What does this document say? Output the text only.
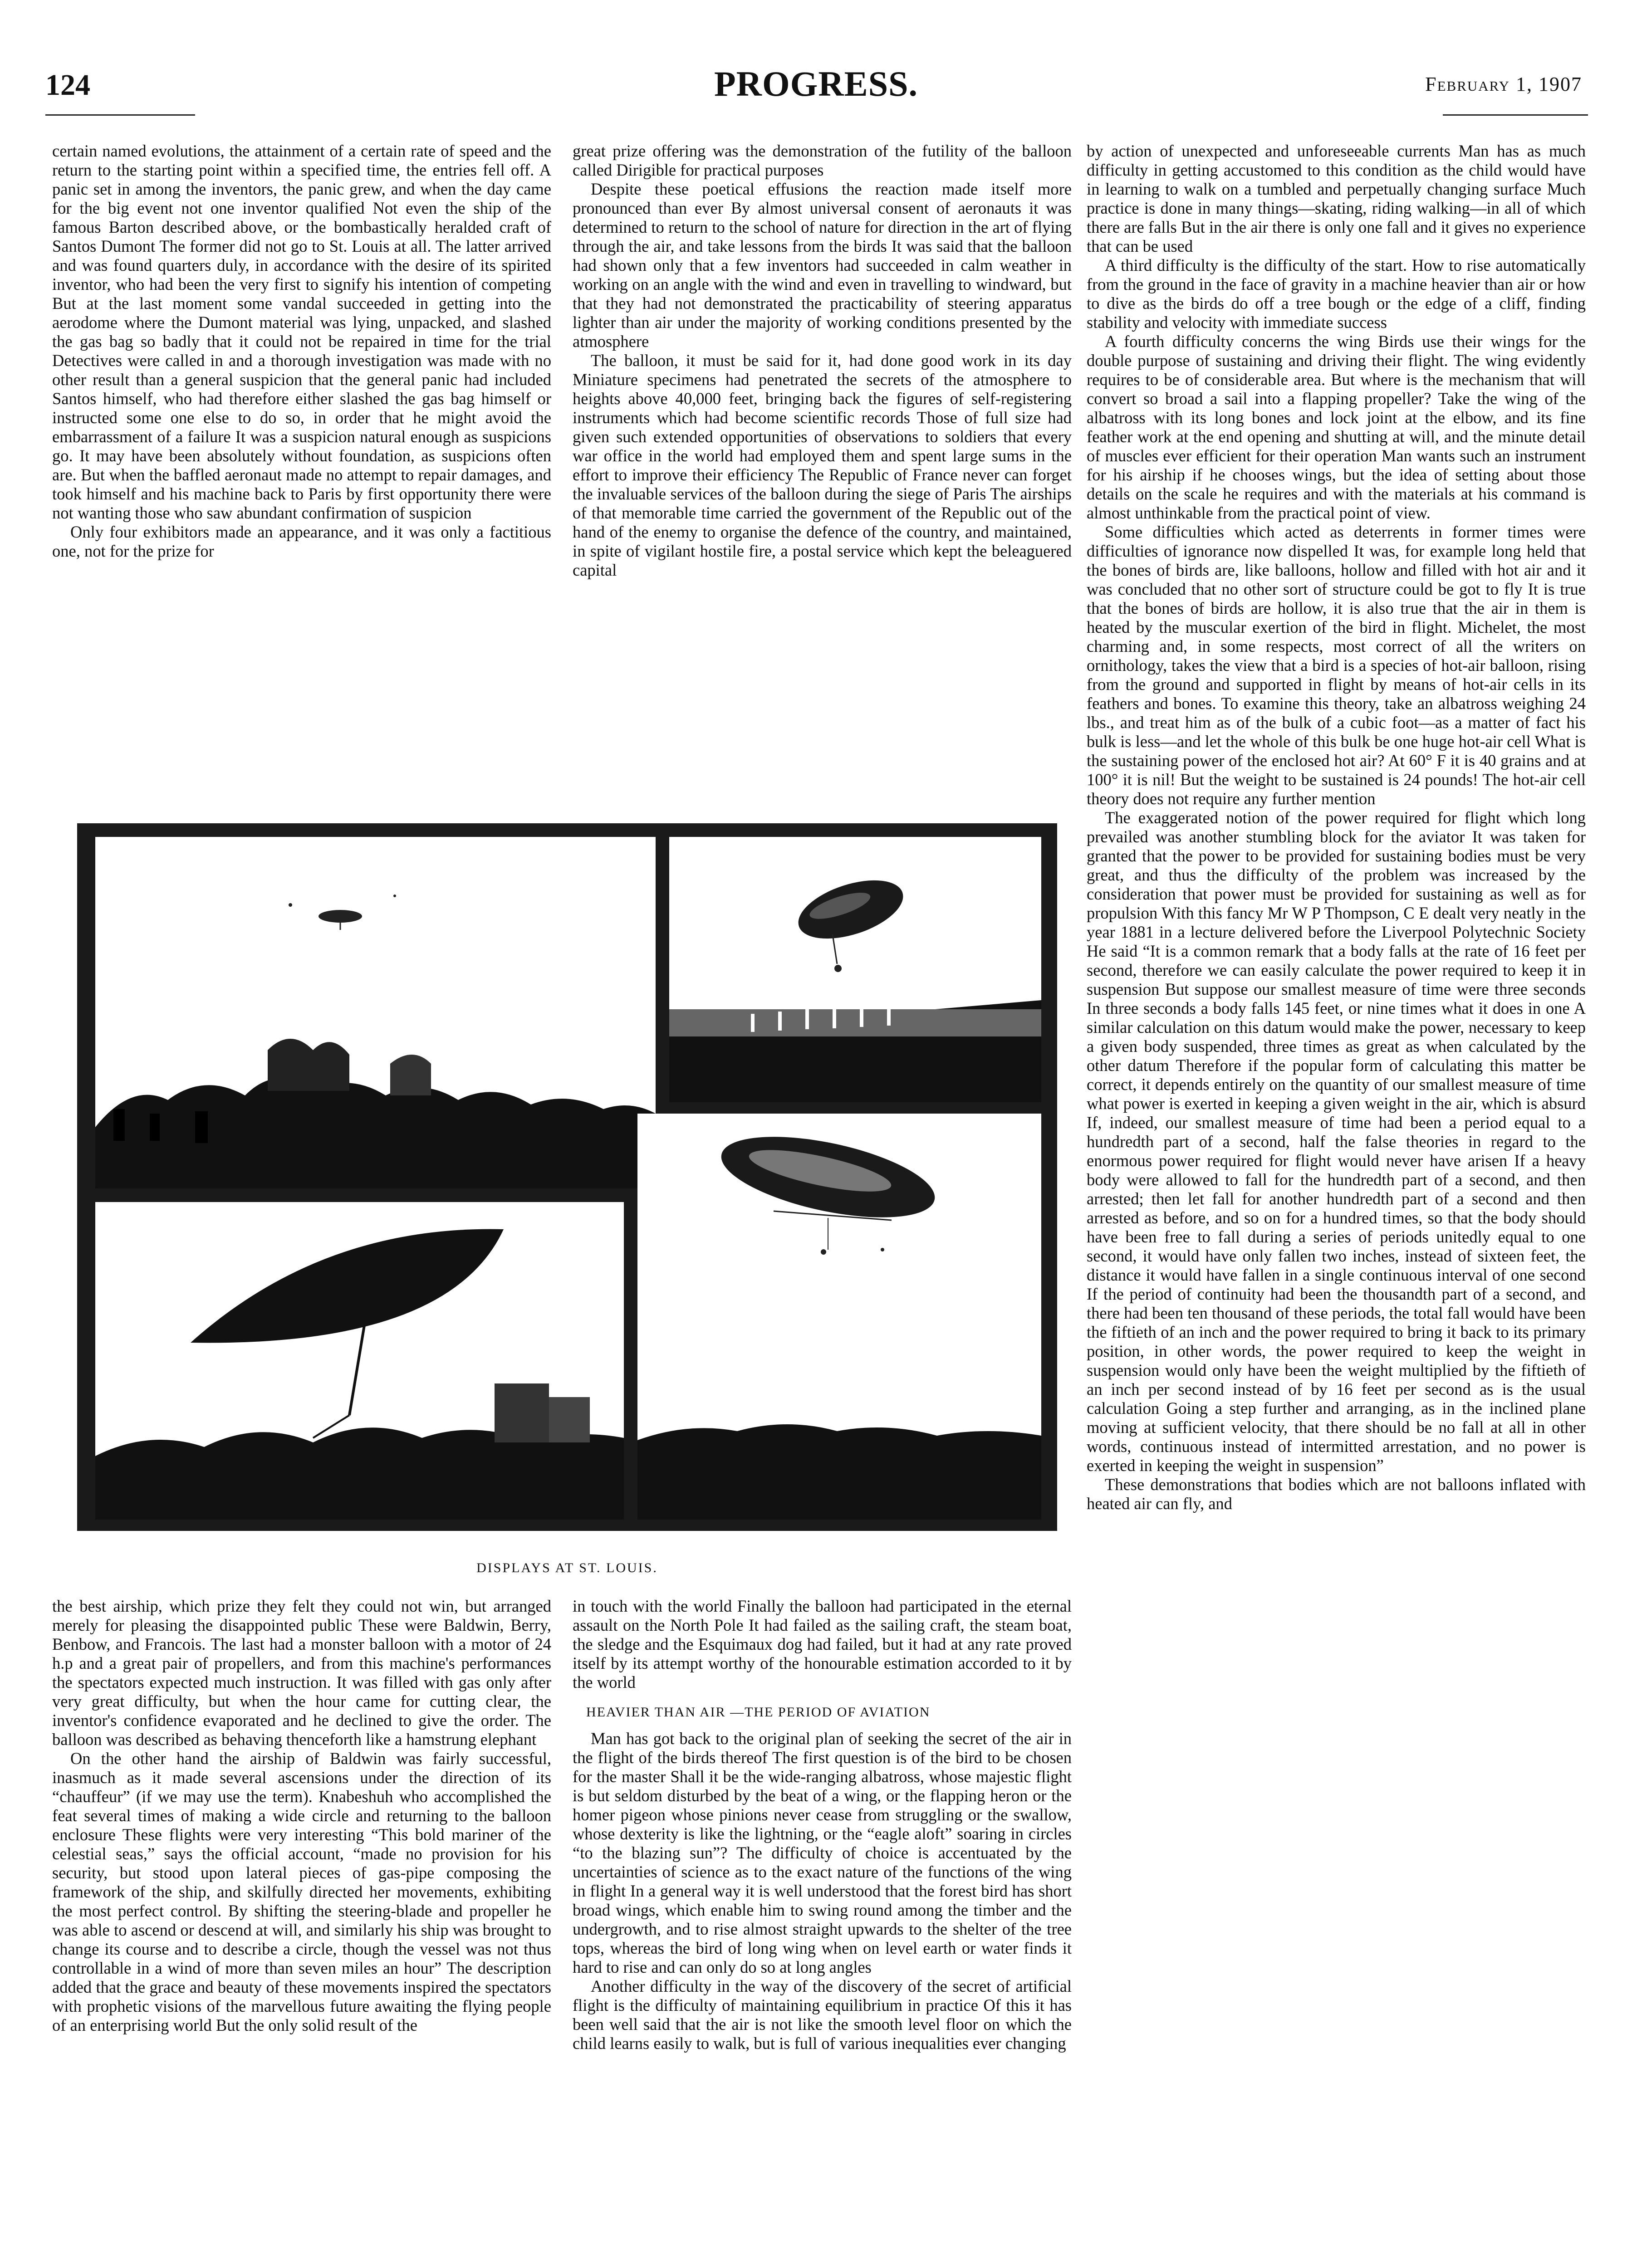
124	PROGRESS.	February 1, 1907

certain named evolutions, the attainment of a certain rate of speed and the return to the starting point within a specified time, the entries fell off. A panic set in among the inventors, the panic grew, and when the day came for the big event not one inventor qualified Not even the ship of the famous Barton described above, or the bombastically heralded craft of Santos Dumont The former did not go to St. Louis at all. The latter arrived and was found quarters duly, in accordance with the desire of its spirited inventor, who had been the very first to signify his intention of competing But at the last moment some vandal succeeded in getting into the aerodome where the Dumont material was lying, unpacked, and slashed the gas bag so badly that it could not be repaired in time for the trial Detectives were called in and a thorough investigation was made with no other result than a general suspicion that the general panic had included Santos himself, who had therefore either slashed the gas bag himself or instructed some one else to do so, in order that he might avoid the embarrassment of a failure It was a suspicion natural enough as suspicions go. It may have been absolutely without foundation, as suspicions often are. But when the baffled aeronaut made no attempt to repair damages, and took himself and his machine back to Paris by first opportunity there were not wanting those who saw abundant confirmation of suspicion

Only four exhibitors made an appearance, and it was only a factitious one, not for the prize for

great prize offering was the demonstration of the futility of the balloon called Dirigible for practical purposes

Despite these poetical effusions the reaction made itself more pronounced than ever By almost universal consent of aeronauts it was determined to return to the school of nature for direction in the art of flying through the air, and take lessons from the birds It was said that the balloon had shown only that a few inventors had succeeded in calm weather in working on an angle with the wind and even in travelling to windward, but that they had not demonstrated the practicability of steering apparatus lighter than air under the majority of working conditions presented by the atmosphere

The balloon, it must be said for it, had done good work in its day Miniature specimens had penetrated the secrets of the atmosphere to heights above 40,000 feet, bringing back the figures of self-registering instruments which had become scientific records Those of full size had given such extended opportunities of observations to soldiers that every war office in the world had employed them and spent large sums in the effort to improve their efficiency The Republic of France never can forget the invaluable services of the balloon during the siege of Paris The airships of that memorable time carried the government of the Republic out of the hand of the enemy to organise the defence of the country, and maintained, in spite of vigilant hostile fire, a postal service which kept the beleaguered capital

by action of unexpected and unforeseeable currents Man has as much difficulty in getting accustomed to this condition as the child would have in learning to walk on a tumbled and perpetually changing surface Much practice is done in many things—skating, riding walking—in all of which there are falls But in the air there is only one fall and it gives no experience that can be used

A third difficulty is the difficulty of the start. How to rise automatically from the ground in the face of gravity in a machine heavier than air or how to dive as the birds do off a tree bough or the edge of a cliff, finding stability and velocity with immediate success

A fourth difficulty concerns the wing Birds use their wings for the double purpose of sustaining and driving their flight. The wing evidently requires to be of considerable area. But where is the mechanism that will convert so broad a sail into a flapping propeller? Take the wing of the albatross with its long bones and lock joint at the elbow, and its fine feather work at the end opening and shutting at will, and the minute detail of muscles ever efficient for their operation Man wants such an instrument for his airship if he chooses wings, but the idea of setting about those details on the scale he requires and with the materials at his command is almost unthinkable from the practical point of view.

Some difficulties which acted as deterrents in former times were difficulties of ignorance now dispelled It was, for example long held that the bones of birds are, like balloons, hollow and filled with hot air and it was concluded that no other sort of structure could be got to fly It is true that the bones of birds are hollow, it is also true that the air in them is heated by the muscular exertion of the bird in flight. Michelet, the most charming and, in some respects, most correct of all the writers on ornithology, takes the view that a bird is a species of hot-air balloon, rising from the ground and supported in flight by means of hot-air cells in its feathers and bones. To examine this theory, take an albatross weighing 24 lbs., and treat him as of the bulk of a cubic foot—as a matter of fact his bulk is less—and let the whole of this bulk be one huge hot-air cell What is the sustaining power of the enclosed hot air? At 60° F it is 40 grains and at 100° it is nil! But the weight to be sustained is 24 pounds! The hot-air cell theory does not require any further mention

The exaggerated notion of the power required for flight which long prevailed was another stumbling block for the aviator It was taken for granted that the power to be provided for sustaining bodies must be very great, and thus the difficulty of the problem was increased by the consideration that power must be provided for sustaining as well as for propulsion With this fancy Mr W P Thompson, C E dealt very neatly in the year 1881 in a lecture delivered before the Liverpool Polytechnic Society He said “It is a common remark that a body falls at the rate of 16 feet per second, therefore we can easily calculate the power required to keep it in suspension But suppose our smallest measure of time were three seconds In three seconds a body falls 145 feet, or nine times what it does in one A similar calculation on this datum would make the power, necessary to keep a given body suspended, three times as great as when calculated by the other datum Therefore if the popular form of calculating this matter be correct, it depends entirely on the quantity of our smallest measure of time what power is exerted in keeping a given weight in the air, which is absurd If, indeed, our smallest measure of time had been a period equal to a hundredth part of a second, half the false theories in regard to the enormous power required for flight would never have arisen If a heavy body were allowed to fall for the hundredth part of a second, and then arrested; then let fall for another hundredth part of a second and then arrested as before, and so on for a hundred times, so that the body should have been free to fall during a series of periods unitedly equal to one second, it would have only fallen two inches, instead of sixteen feet, the distance it would have fallen in a single continuous interval of one second If the period of continuity had been the thousandth part of a second, and there had been ten thousand of these periods, the total fall would have been the fiftieth of an inch and the power required to bring it back to its primary position, in other words, the power required to keep the weight in suspension would only have been the weight multiplied by the fiftieth of an inch per second instead of by 16 feet per second as is the usual calculation Going a step further and arranging, as in the inclined plane moving at sufficient velocity, that there should be no fall at all in other words, continuous instead of intermitted arrestation, and no power is exerted in keeping the weight in suspension”

These demonstrations that bodies which are not balloons inflated with heated air can fly, and

DISPLAYS AT ST. LOUIS.

the best airship, which prize they felt they could not win, but arranged merely for pleasing the disappointed public These were Baldwin, Berry, Benbow, and Francois. The last had a monster balloon with a motor of 24 h.p and a great pair of propellers, and from this machine's performances the spectators expected much instruction. It was filled with gas only after very great difficulty, but when the hour came for cutting clear, the inventor's confidence evaporated and he declined to give the order. The balloon was described as behaving thenceforth like a hamstrung elephant

On the other hand the airship of Baldwin was fairly successful, inasmuch as it made several ascensions under the direction of its “chauffeur” (if we may use the term). Knabeshuh who accomplished the feat several times of making a wide circle and returning to the balloon enclosure These flights were very interesting “This bold mariner of the celestial seas,” says the official account, “made no provision for his security, but stood upon lateral pieces of gas-pipe composing the framework of the ship, and skilfully directed her movements, exhibiting the most perfect control. By shifting the steering-blade and propeller he was able to ascend or descend at will, and similarly his ship was brought to change its course and to describe a circle, though the vessel was not thus controllable in a wind of more than seven miles an hour” The description added that the grace and beauty of these movements inspired the spectators with prophetic visions of the marvellous future awaiting the flying people of an enterprising world But the only solid result of the

in touch with the world Finally the balloon had participated in the eternal assault on the North Pole It had failed as the sailing craft, the steam boat, the sledge and the Esquimaux dog had failed, but it had at any rate proved itself by its attempt worthy of the honourable estimation accorded to it by the world

HEAVIER THAN AIR —THE PERIOD OF AVIATION

Man has got back to the original plan of seeking the secret of the air in the flight of the birds thereof The first question is of the bird to be chosen for the master Shall it be the wide-ranging albatross, whose majestic flight is but seldom disturbed by the beat of a wing, or the flapping heron or the homer pigeon whose pinions never cease from struggling or the swallow, whose dexterity is like the lightning, or the “eagle aloft” soaring in circles “to the blazing sun”? The difficulty of choice is accentuated by the uncertainties of science as to the exact nature of the functions of the wing in flight In a general way it is well understood that the forest bird has short broad wings, which enable him to swing round among the timber and the undergrowth, and to rise almost straight upwards to the shelter of the tree tops, whereas the bird of long wing when on level earth or water finds it hard to rise and can only do so at long angles

Another difficulty in the way of the discovery of the secret of artificial flight is the difficulty of maintaining equilibrium in practice Of this it has been well said that the air is not like the smooth level floor on which the child learns easily to walk, but is full of various inequalities ever changing
